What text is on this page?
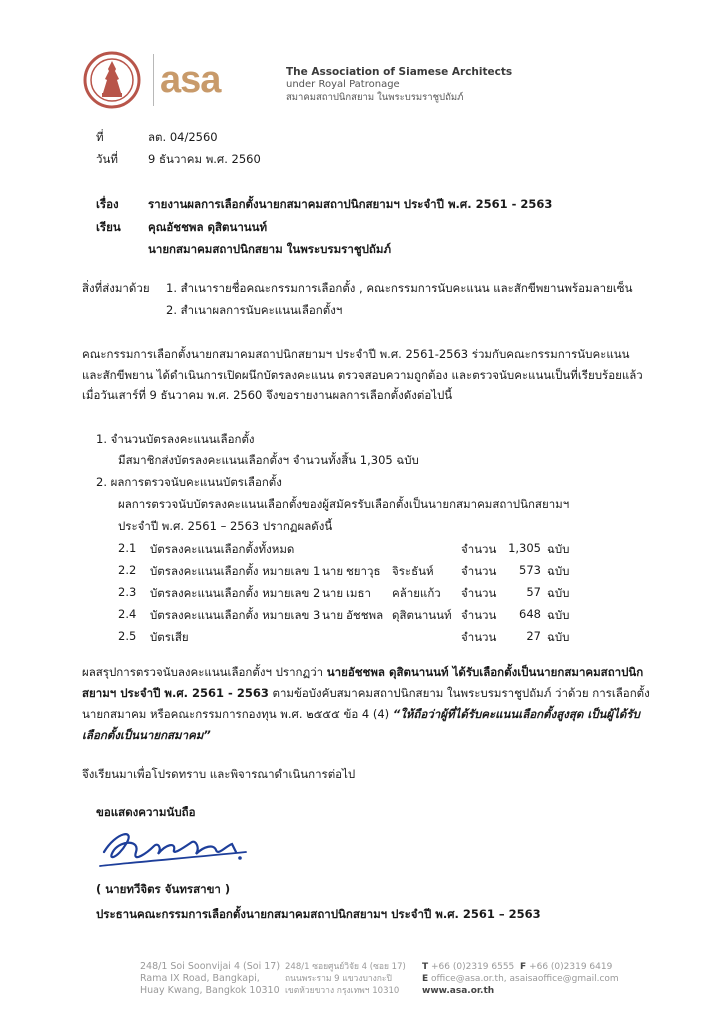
asa	The Association of Siamese Architects
under Royal Patronage
สมาคมสถาปนิกสยาม ในพระบรมราชูปถัมภ์
ที่	ลต. 04/2560
วันที่	9 ธันวาคม พ.ศ. 2560
เรื่อง	รายงานผลการเลือกตั้งนายกสมาคมสถาปนิกสยามฯ ประจำปี พ.ศ. 2561 - 2563
เรียน คุณอัชชพล ดุสิตนานนท์
นายกสมาคมสถาปนิกสยาม ในพระบรมราชูปถัมภ์
สิ่งที่ส่งมาด้วย 1. สำเนารายชื่อคณะกรรมการเลือกตั้ง , คณะกรรมการนับคะแนน และสักขีพยานพร้อมลายเซ็น
2. สำเนาผลการนับคะแนนเลือกตั้งฯ

คณะกรรมการเลือกตั้งนายกสมาคมสถาปนิกสยามฯ ประจำปี พ.ศ. 2561-2563 ร่วมกับคณะกรรมการนับคะแนนและสักขีพยาน ได้ดำเนินการเปิดผนึกบัตรลงคะแนน ตรวจสอบความถูกต้อง และตรวจนับคะแนนเป็นที่เรียบร้อยแล้ว เมื่อวันเสาร์ที่ 9 ธันวาคม พ.ศ. 2560 จึงขอรายงานผลการเลือกตั้งดังต่อไปนี้

1. จำนวนบัตรลงคะแนนเลือกตั้ง
มีสมาชิกส่งบัตรลงคะแนนเลือกตั้งฯ จำนวนทั้งสิ้น 1,305 ฉบับ
2. ผลการตรวจนับคะแนนบัตรเลือกตั้ง
ผลการตรวจนับบัตรลงคะแนนเลือกตั้งของผู้สมัครรับเลือกตั้งเป็นนายกสมาคมสถาปนิกสยามฯ
ประจำปี พ.ศ. 2561 – 2563 ปรากฏผลดังนี้
2.1 บัตรลงคะแนนเลือกตั้งทั้งหมด	จำนวน 1,305 ฉบับ
2.2 บัตรลงคะแนนเลือกตั้ง หมายเลข 1 นาย ชยาวุธ จิระธันห์ จำนวน	573 ฉบับ
2.3 บัตรลงคะแนนเลือกตั้ง หมายเลข 2 นาย เมธา คล้ายแก้ว จำนวน	57 ฉบับ
2.4 บัตรลงคะแนนเลือกตั้ง หมายเลข 3 นาย อัชชพล ดุสิตนานนท์ จำนวน	648 ฉบับ
2.5 บัตรเสีย	จำนวน	27 ฉบับ

ผลสรุปการตรวจนับลงคะแนนเลือกตั้งฯ ปรากฏว่า นายอัชชพล ดุสิตนานนท์ ได้รับเลือกตั้งเป็นนายกสมาคมสถาปนิกสยามฯ ประจำปี พ.ศ. 2561 - 2563 ตามข้อบังคับสมาคมสถาปนิกสยาม ในพระบรมราชูปถัมภ์ ว่าด้วย การเลือกตั้งนายกสมาคม หรือคณะกรรมการกองทุน พ.ศ. ๒๕๕๕ ข้อ 4 (4) “ให้ถือว่าผู้ที่ได้รับคะแนนเลือกตั้งสูงสุด เป็นผู้ได้รับเลือกตั้งเป็นนายกสมาคม”

จึงเรียนมาเพื่อโปรดทราบ และพิจารณาดำเนินการต่อไป
ขอแสดงความนับถือ
( นายทวีจิตร จันทรสาขา )
ประธานคณะกรรมการเลือกตั้งนายกสมาคมสถาปนิกสยามฯ ประจำปี พ.ศ. 2561 – 2563
248/1 Soi Soonvijai 4 (Soi 17)
Rama IX Road, Bangkapi,
Huay Kwang, Bangkok 10310
248/1 ซอยศูนย์วิจัย 4 (ซอย 17)
ถนนพระราม 9 แขวงบางกะปิ
เขตห้วยขวาง กรุงเทพฯ 10310
T +66 (0)2319 6555 F +66 (0)2319 6419
E office@asa.or.th, asaisaoffice@gmail.com
www.asa.or.th
